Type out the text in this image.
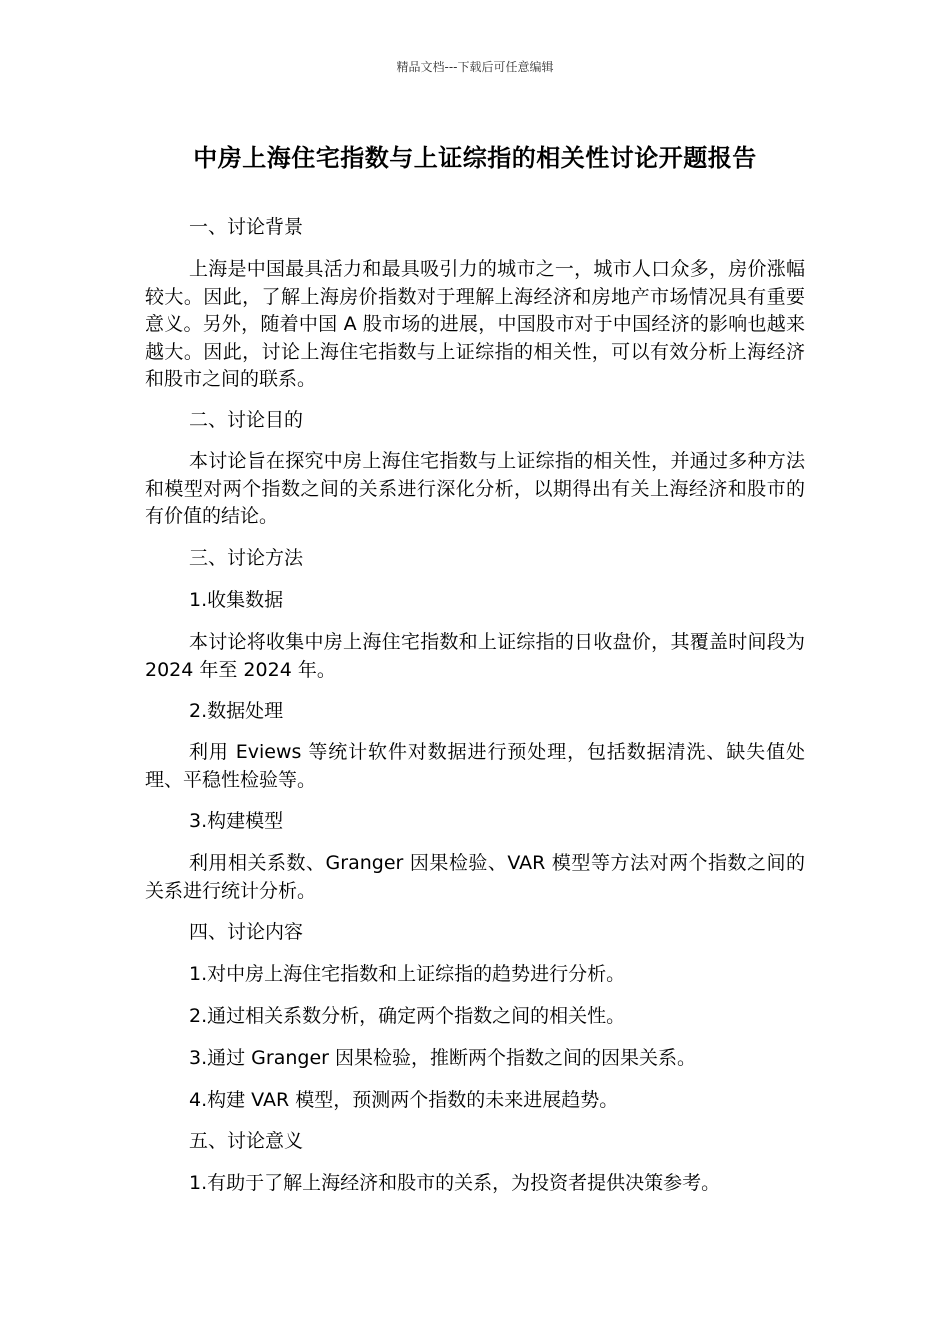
精品文档---下载后可任意编辑
中房上海住宅指数与上证综指的相关性讨论开题报告
一、讨论背景
上海是中国最具活力和最具吸引力的城市之一，城市人口众多，房价涨幅较大。因此，了解上海房价指数对于理解上海经济和房地产市场情况具有重要意义。另外，随着中国 A 股市场的进展，中国股市对于中国经济的影响也越来越大。因此，讨论上海住宅指数与上证综指的相关性，可以有效分析上海经济和股市之间的联系。
二、讨论目的
本讨论旨在探究中房上海住宅指数与上证综指的相关性，并通过多种方法和模型对两个指数之间的关系进行深化分析，以期得出有关上海经济和股市的有价值的结论。
三、讨论方法
1.收集数据
本讨论将收集中房上海住宅指数和上证综指的日收盘价，其覆盖时间段为 2024 年至 2024 年。
2.数据处理
利用 Eviews 等统计软件对数据进行预处理，包括数据清洗、缺失值处理、平稳性检验等。
3.构建模型
利用相关系数、Granger 因果检验、VAR 模型等方法对两个指数之间的关系进行统计分析。
四、讨论内容
1.对中房上海住宅指数和上证综指的趋势进行分析。
2.通过相关系数分析，确定两个指数之间的相关性。
3.通过 Granger 因果检验，推断两个指数之间的因果关系。
4.构建 VAR 模型，预测两个指数的未来进展趋势。
五、讨论意义
1.有助于了解上海经济和股市的关系，为投资者提供决策参考。
